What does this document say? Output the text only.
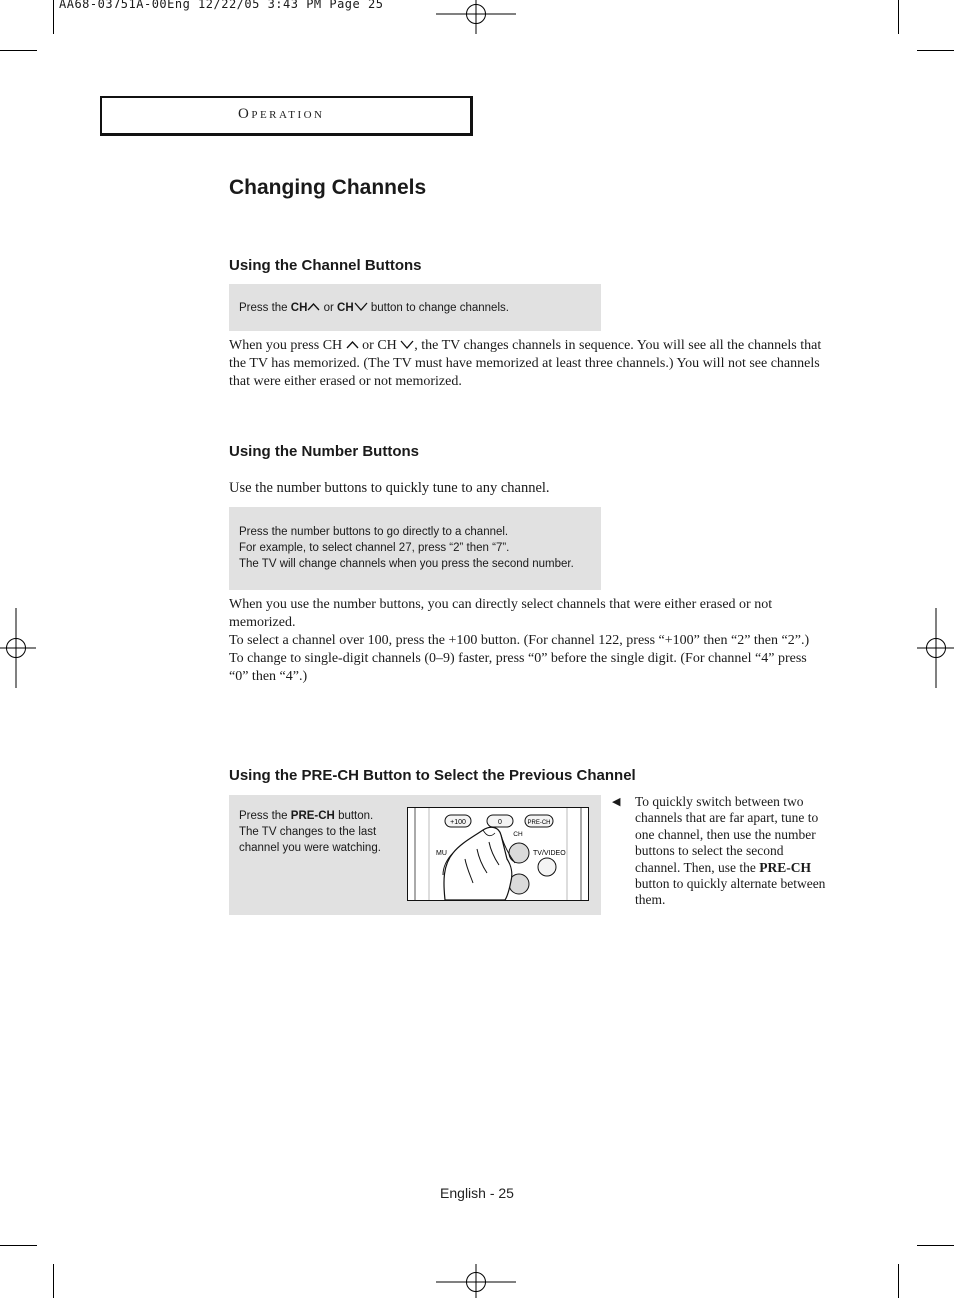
AA68-03751A-00Eng 12/22/05 3:43 PM Page 25
Operation
Changing Channels
Using the Channel Buttons
Press the CH or CH button to change channels.

When you press CH  or CH , the TV changes channels in sequence. You will see all the channels that the TV has memorized. (The TV must have memorized at least three channels.) You will not see channels that were either erased or not memorized.

Using the Number Buttons
Use the number buttons to quickly tune to any channel.
Press the number buttons to go directly to a channel.
For example, to select channel 27, press “2” then “7”.
The TV will change channels when you press the second number.

When you use the number buttons, you can directly select channels that were either erased or not memorized.

To select a channel over 100, press the +100 button. (For channel 122, press “+100” then “2” then “2”.)

To change to single-digit channels (0–9) faster, press “0” before the single digit. (For channel “4” press “0” then “4”.)

Using the PRE-CH Button to Select the Previous Channel
Press the PRE-CH button.
The TV changes to the last
channel you were watching.
+100	0	PRE-CH
CH
MU	TV/VIDEO
◀ To quickly switch between two channels that are far apart, tune to one channel, then use the number buttons to select the second channel. Then, use the PRE-CH button to quickly alternate between them.
English - 25
